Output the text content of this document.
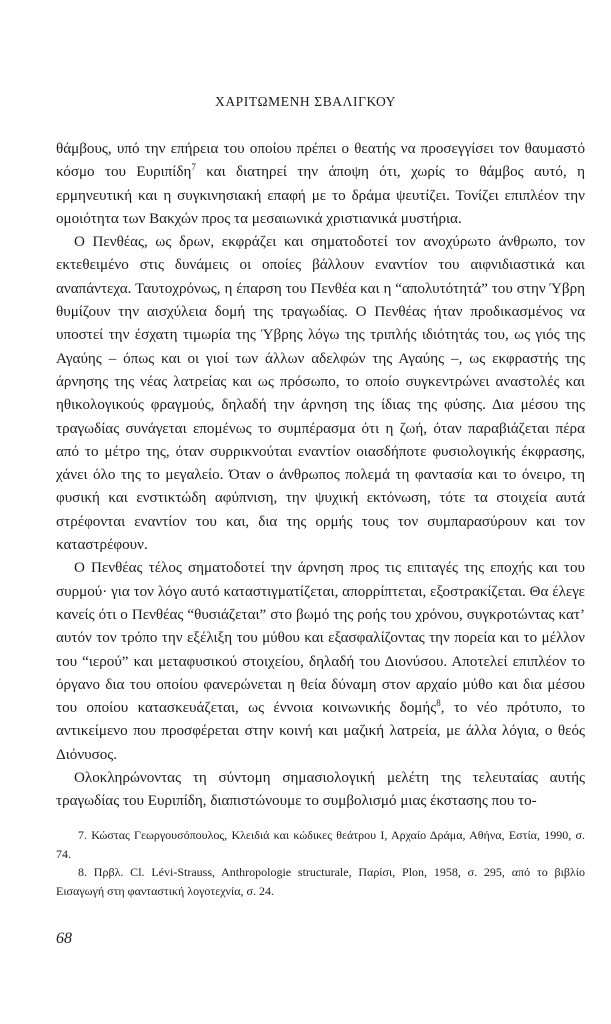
ΧΑΡΙΤΩΜΕΝΗ ΣΒΑΛΙΓΚΟΥ

θάμβους, υπό την επήρεια του οποίου πρέπει ο θεατής να προσεγγίσει τον θαυμαστό κόσμο του Ευριπίδη$^7$ και διατηρεί την άποψη ότι, χωρίς το θάμβος αυτό, η ερμηνευτική και η συγκινησιακή επαφή με το δράμα ψευτίζει. Τονίζει επιπλέον την ομοιότητα των Βακχών προς τα μεσαιωνικά χριστιανικά μυστήρια.

Ο Πενθέας, ως δρων, εκφράζει και σηματοδοτεί τον ανοχύρωτο άνθρωπο, τον εκτεθειμένο στις δυνάμεις οι οποίες βάλλουν εναντίον του αιφνιδιαστικά και αναπάντεχα. Ταυτοχρόνως, η έπαρση του Πενθέα και η “απολυτότητά” του στην Ύβρη θυμίζουν την αισχύλεια δομή της τραγωδίας. Ο Πενθέας ήταν προδικασμένος να υποστεί την έσχατη τιμωρία της Ύβρης λόγω της τριπλής ιδιότητάς του, ως γιός της Αγαύης – όπως και οι γιοί των άλλων αδελφών της Αγαύης –, ως εκφραστής της άρνησης της νέας λατρείας και ως πρόσωπο, το οποίο συγκεντρώνει αναστολές και ηθικολογικούς φραγμούς, δηλαδή την άρνηση της ίδιας της φύσης. Δια μέσου της τραγωδίας συνάγεται επομένως το συμπέρασμα ότι η ζωή, όταν παραβιάζεται πέρα από το μέτρο της, όταν συρρικνούται εναντίον οιασδήποτε φυσιολογικής έκφρασης, χάνει όλο της το μεγαλείο. Όταν ο άνθρωπος πολεμά τη φαντασία και το όνειρο, τη φυσική και ενστικτώδη αφύπνιση, την ψυχική εκτόνωση, τότε τα στοιχεία αυτά στρέφονται εναντίον του και, δια της ορμής τους τον συμπαρασύρουν και τον καταστρέφουν.

Ο Πενθέας τέλος σηματοδοτεί την άρνηση προς τις επιταγές της εποχής και του συρμού· για τον λόγο αυτό καταστιγματίζεται, απορρίπτεται, εξοστρακίζεται. Θα έλεγε κανείς ότι ο Πενθέας “θυσιάζεται” στο βωμό της ροής του χρόνου, συγκροτώντας κατ’ αυτόν τον τρόπο την εξέλιξη του μύθου και εξασφαλίζοντας την πορεία και το μέλλον του “ιερού” και μεταφυσικού στοιχείου, δηλαδή του Διονύσου. Αποτελεί επιπλέον το όργανο δια του οποίου φανερώνεται η θεία δύναμη στον αρχαίο μύθο και δια μέσου του οποίου κατασκευάζεται, ως έννοια κοινωνικής δομής$^8$, το νέο πρότυπο, το αντικείμενο που προσφέρεται στην κοινή και μαζική λατρεία, με άλλα λόγια, ο θεός Διόνυσος.

Ολοκληρώνοντας τη σύντομη σημασιολογική μελέτη της τελευταίας αυτής τραγωδίας του Ευριπίδη, διαπιστώνουμε το συμβολισμό μιας έκστασης που το-

7. Κώστας Γεωργουσόπουλος, Κλειδιά και κώδικες θεάτρου Ι, Αρχαίο Δράμα, Αθήνα, Εστία, 1990, σ. 74.

8. Πρβλ. Cl. Lévi-Strauss, Anthropologie structurale, Παρίσι, Plon, 1958, σ. 295, από το βιβλίο Εισαγωγή στη φανταστική λογοτεχνία, σ. 24.

68
